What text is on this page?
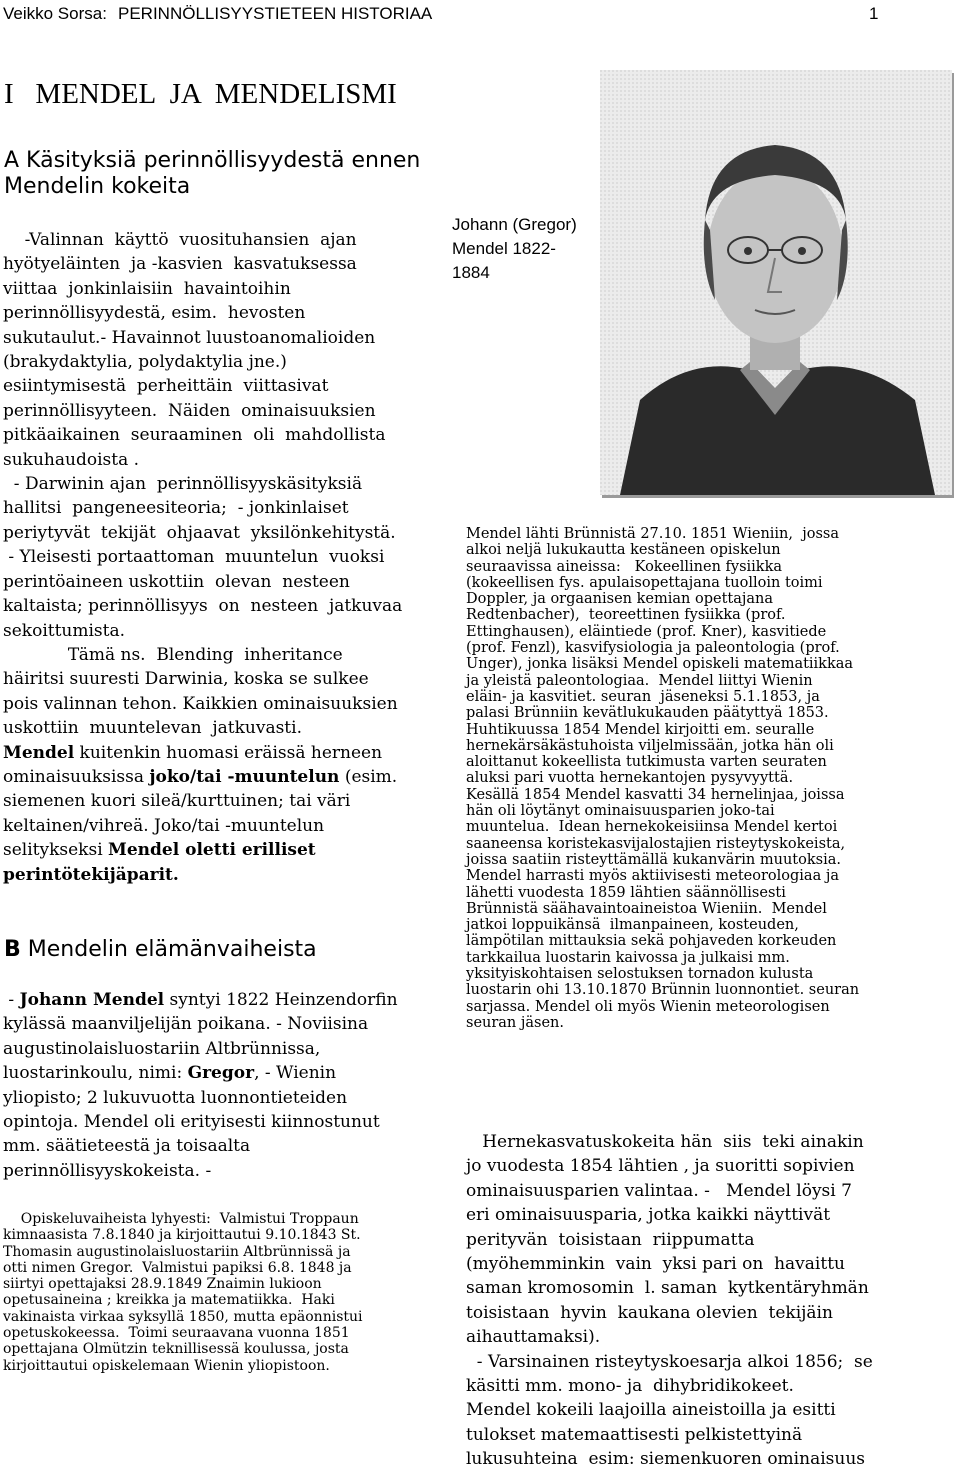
Veikko Sorsa: PERINNÖLLISYYSTIETEEN HISTORIAA	1
I   MENDEL  JA  MENDELISMI
A Käsityksiä perinnöllisyydestä ennen Mendelin kokeita

-Valinnan  käyttö  vuosituhansien  ajan

hyötyeläinten  ja -kasvien  kasvatuksessa

viittaa  jonkinlaisiin  havaintoihin

perinnöllisyydestä, esim.  hevosten

sukutaulut.- Havainnot luustoanomalioiden

(brakydaktylia, polydaktylia jne.)

esiintymisestä  perheittäin  viittasivat

perinnöllisyyteen.  Näiden  ominaisuuksien

pitkäaikainen  seuraaminen  oli  mahdollista

sukuhaudoista .

- Darwinin ajan  perinnöllisyyskäsityksiä

hallitsi  pangeneesiteoria;  - jonkinlaiset

periytyvät  tekijät  ohjaavat  yksilönkehitystä.

- Yleisesti portaattoman  muuntelun  vuoksi

perintöaineen uskottiin  olevan  nesteen

kaltaista; perinnöllisyys  on  nesteen  jatkuvaa

sekoittumista.

Tämä ns.  Blending  inheritance

häiritsi suuresti Darwinia, koska se sulkee

pois valinnan tehon. Kaikkien ominaisuuksien

uskottiin  muuntelevan  jatkuvasti.

Mendel kuitenkin huomasi eräissä herneen

ominaisuuksissa joko/tai -muuntelun (esim.

siemenen kuori sileä/kurttuinen; tai väri

keltainen/vihreä. Joko/tai -muuntelun

selitykseksi Mendel oletti erilliset

perintötekijäparit.

B Mendelin elämänvaiheista

- Johann Mendel syntyi 1822 Heinzendorfin

kylässä maanviljelijän poikana. - Noviisina

augustinolaisluostariin Altbrünnissa,

luostarinkoulu, nimi: Gregor, - Wienin

yliopisto; 2 lukuvuotta luonnontieteiden

opintoja. Mendel oli erityisesti kiinnostunut

mm. säätieteestä ja toisaalta

perinnöllisyyskokeista. -

Opiskeluvaiheista lyhyesti:  Valmistui Troppaun

kimnaasista 7.8.1840 ja kirjoittautui 9.10.1843 St.

Thomasin augustinolaisluostariin Altbrünnissä ja

otti nimen Gregor.  Valmistui papiksi 6.8. 1848 ja

siirtyi opettajaksi 28.9.1849 Znaimin lukioon

opetusaineina ; kreikka ja matematiikka.  Haki

vakinaista virkaa syksyllä 1850, mutta epäonnistui

opetuskokeessa.  Toimi seuraavana vuonna 1851

opettajana Olmützin teknillisessä koulussa, josta

kirjoittautui opiskelemaan Wienin yliopistoon.

Johann (Gregor)

Mendel 1822-

1884

Mendel lähti Brünnistä 27.10. 1851 Wieniin,  jossa

alkoi neljä lukukautta kestäneen opiskelun

seuraavissa aineissa:   Kokeellinen fysiikka

(kokeellisen fys. apulaisopettajana tuolloin toimi

Doppler, ja orgaanisen kemian opettajana

Redtenbacher),  teoreettinen fysiikka (prof.

Ettinghausen), eläintiede (prof. Kner), kasvitiede

(prof. Fenzl), kasvifysiologia ja paleontologia (prof.

Unger), jonka lisäksi Mendel opiskeli matematiikkaa

ja yleistä paleontologiaa.  Mendel liittyi Wienin

eläin- ja kasvitiet. seuran  jäseneksi 5.1.1853, ja

palasi Brünniin kevätlukukauden päätyttyä 1853.

Huhtikuussa 1854 Mendel kirjoitti em. seuralle

hernekärsäkästuhoista viljelmissään, jotka hän oli

aloittanut kokeellista tutkimusta varten seuraten

aluksi pari vuotta hernekantojen pysyvyyttä.

Kesällä 1854 Mendel kasvatti 34 hernelinjaa, joissa

hän oli löytänyt ominaisuusparien joko-tai

muuntelua.  Idean hernekokeisiinsa Mendel kertoi

saaneensa koristekasvijalostajien risteytyskokeista,

joissa saatiin risteyttämällä kukanvärin muutoksia.

Mendel harrasti myös aktiivisesti meteorologiaa ja

lähetti vuodesta 1859 lähtien säännöllisesti

Brünnistä säähavaintoaineistoa Wieniin.  Mendel

jatkoi loppuikänsä  ilmanpaineen, kosteuden,

lämpötilan mittauksia sekä pohjaveden korkeuden

tarkkailua luostarin kaivossa ja julkaisi mm.

yksityiskohtaisen selostuksen tornadon kulusta

luostarin ohi 13.10.1870 Brünnin luonnontiet. seuran

sarjassa. Mendel oli myös Wienin meteorologisen

seuran jäsen.

Hernekasvatuskokeita hän  siis  teki ainakin

jo vuodesta 1854 lähtien , ja suoritti sopivien

ominaisuusparien valintaa. -   Mendel löysi 7

eri ominaisuusparia, jotka kaikki näyttivät

perityvän  toisistaan  riippumatta

(myöhemminkin  vain  yksi pari on  havaittu

saman kromosomin  l. saman  kytkentäryhmän

toisistaan  hyvin  kaukana olevien  tekijäin

aihauttamaksi).

- Varsinainen risteytyskoesarja alkoi 1856;  se

käsitti mm. mono- ja  dihybridikokeet.

Mendel kokeili laajoilla aineistoilla ja esitti

tulokset matemaattisesti pelkistettyinä

lukusuhteina  esim: siemenkuoren ominaisuus
